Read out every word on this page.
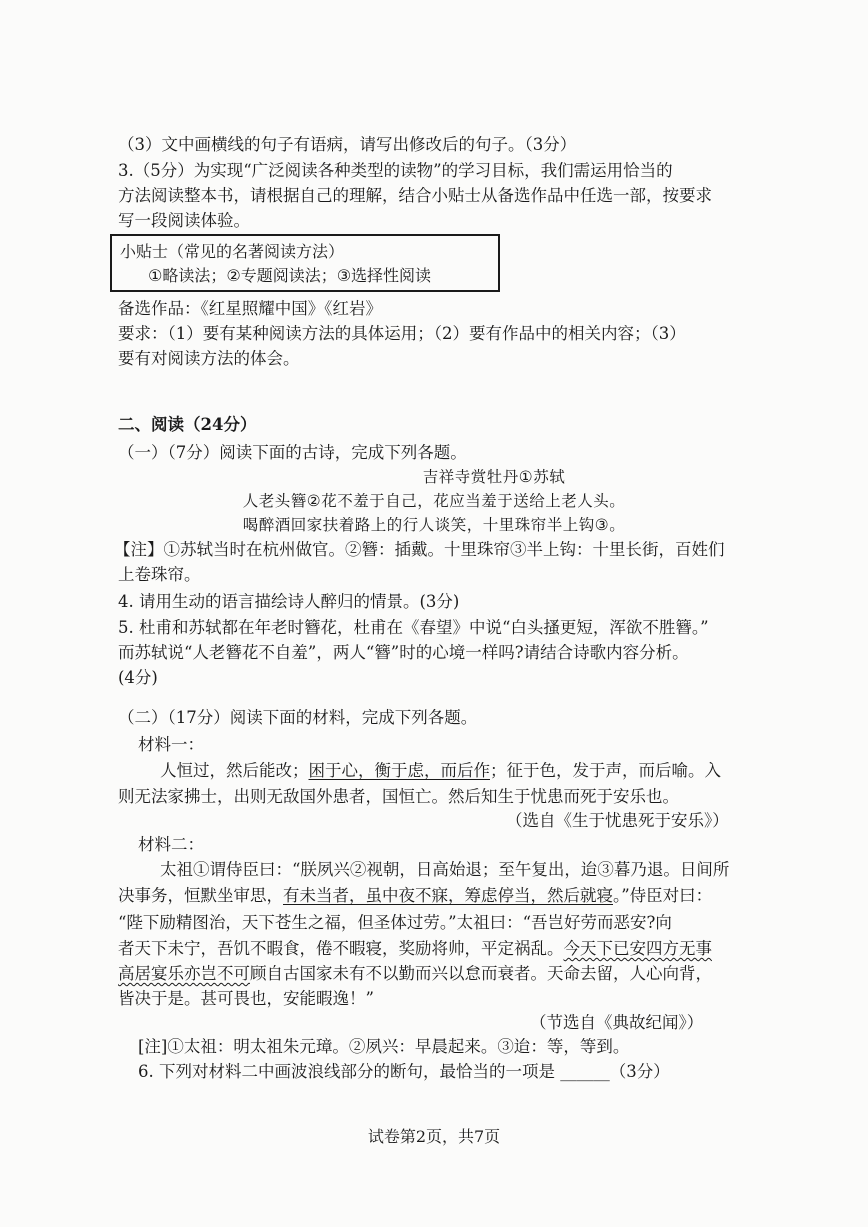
（3）文中画横线的句子有语病，请写出修改后的句子。（3分）
3.（5分）为实现“广泛阅读各种类型的读物”的学习目标，我们需运用恰当的
方法阅读整本书，请根据自己的理解，结合小贴士从备选作品中任选一部，按要求
写一段阅读体验。
小贴士（常见的名著阅读方法）
①略读法；②专题阅读法；③选择性阅读
备选作品：《红星照耀中国》《红岩》
要求：（1）要有某种阅读方法的具体运用；（2）要有作品中的相关内容；（3）
要有对阅读方法的体会。
二、阅读（24分）
（一）（7分）阅读下面的古诗，完成下列各题。
吉祥寺赏牡丹①苏轼
人老头簪②花不羞于自己，花应当羞于送给上老人头。
喝醉酒回家扶着路上的行人谈笑，十里珠帘半上钩③。
【注】①苏轼当时在杭州做官。②簪：插戴。十里珠帘③半上钩：十里长街，百姓们
上卷珠帘。
4. 请用生动的语言描绘诗人醉归的情景。(3分)
5. 杜甫和苏轼都在年老时簪花，杜甫在《春望》中说“白头搔更短，浑欲不胜簪。”
而苏轼说“人老簪花不自羞”，两人“簪”时的心境一样吗?请结合诗歌内容分析。
(4分)
（二）（17分）阅读下面的材料，完成下列各题。
材料一：
人恒过，然后能改；困于心，衡于虑，而后作；征于色，发于声，而后喻。入
则无法家拂士，出则无敌国外患者，国恒亡。然后知生于忧患而死于安乐也。
（选自《生于忧患死于安乐》）
材料二：
太祖①谓侍臣曰：“朕夙兴②视朝，日高始退；至午复出，迨③暮乃退。日间所
决事务，恒默坐审思，有未当者，虽中夜不寐，筹虑停当，然后就寝。”侍臣对曰：
“陛下励精图治，天下苍生之福，但圣体过劳。”太祖曰：“吾岂好劳而恶安?向
者天下未宁，吾饥不暇食，倦不暇寝，奖励将帅，平定祸乱。今天下已安四方无事
高居宴乐亦岂不可顾自古国家未有不以勤而兴以怠而衰者。天命去留，人心向背，
皆决于是。甚可畏也，安能暇逸！”
（节选自《典故纪闻》）
[注]①太祖：明太祖朱元璋。②夙兴：早晨起来。③迨：等，等到。
6. 下列对材料二中画波浪线部分的断句，最恰当的一项是 ______（3分）
试卷第2页，共7页
